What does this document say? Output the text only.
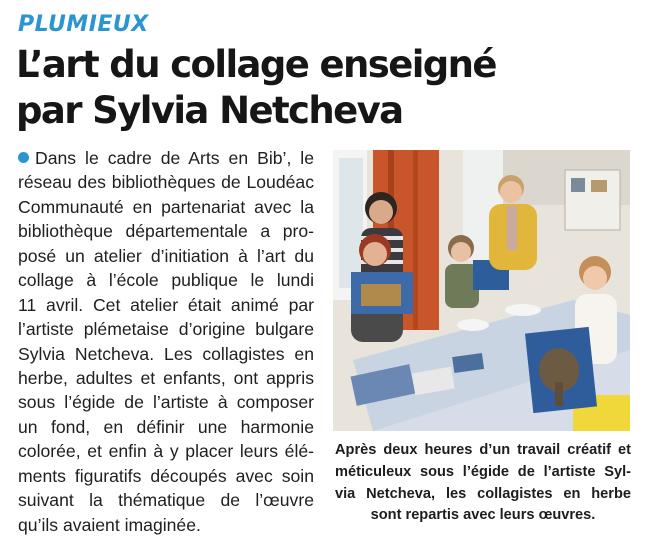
PLUMIEUX
L’art du collage enseigné
par Sylvia Netcheva
Dans le cadre de Arts en Bib’, le
réseau des bibliothèques de Loudéac
Communauté en partenariat avec la
bibliothèque départementale a pro-
posé un atelier d’initiation à l’art du
collage à l’école publique le lundi
11 avril. Cet atelier était animé par
l’artiste plémetaise d’origine bulgare
Sylvia Netcheva. Les collagistes en
herbe, adultes et enfants, ont appris
sous l’égide de l’artiste à composer
un fond, en définir une harmonie
colorée, et enfin à y placer leurs élé-
ments figuratifs découpés avec soin
suivant la thématique de l’œuvre
qu’ils avaient imaginée.
Après deux heures d’un travail créatif et
méticuleux sous l’égide de l’artiste Syl-
via Netcheva, les collagistes en herbe
sont repartis avec leurs œuvres.
